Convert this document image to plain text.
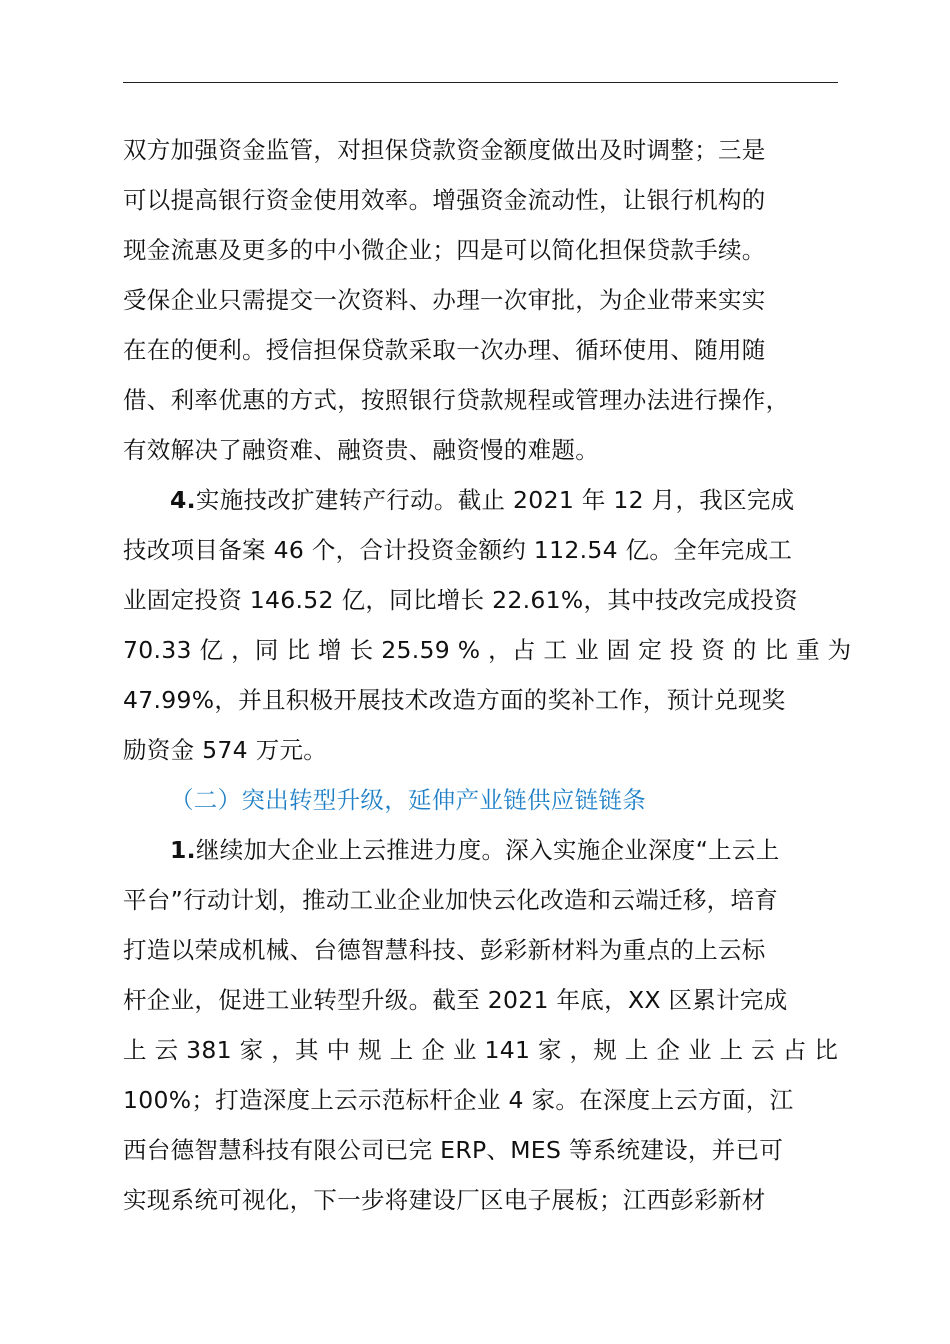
双方加强资金监管，对担保贷款资金额度做出及时调整；三是
可以提高银行资金使用效率。增强资金流动性，让银行机构的
现金流惠及更多的中小微企业；四是可以简化担保贷款手续。
受保企业只需提交一次资料、办理一次审批，为企业带来实实
在在的便利。授信担保贷款采取一次办理、循环使用、随用随
借、利率优惠的方式，按照银行贷款规程或管理办法进行操作，
有效解决了融资难、融资贵、融资慢的难题。
4.实施技改扩建转产行动。截止 2021 年 12 月，我区完成
技改项目备案 46 个，合计投资金额约 112.54 亿。全年完成工
业固定投资 146.52 亿，同比增长 22.61%，其中技改完成投资
70.33 亿 ，同 比 增 长 25.59 % ，占 工 业 固 定 投 资 的 比 重 为
47.99%，并且积极开展技术改造方面的奖补工作，预计兑现奖
励资金 574 万元。
（二）突出转型升级，延伸产业链供应链链条
1.继续加大企业上云推进力度。深入实施企业深度“上云上
平台”行动计划，推动工业企业加快云化改造和云端迁移，培育
打造以荣成机械、台德智慧科技、彭彩新材料为重点的上云标
杆企业，促进工业转型升级。截至 2021 年底，XX 区累计完成
上 云 381 家 ，其 中 规 上 企 业 141 家 ，规 上 企 业 上 云 占 比
100%；打造深度上云示范标杆企业 4 家。在深度上云方面，江
西台德智慧科技有限公司已完 ERP、MES 等系统建设，并已可
实现系统可视化，下一步将建设厂区电子展板；江西彭彩新材
